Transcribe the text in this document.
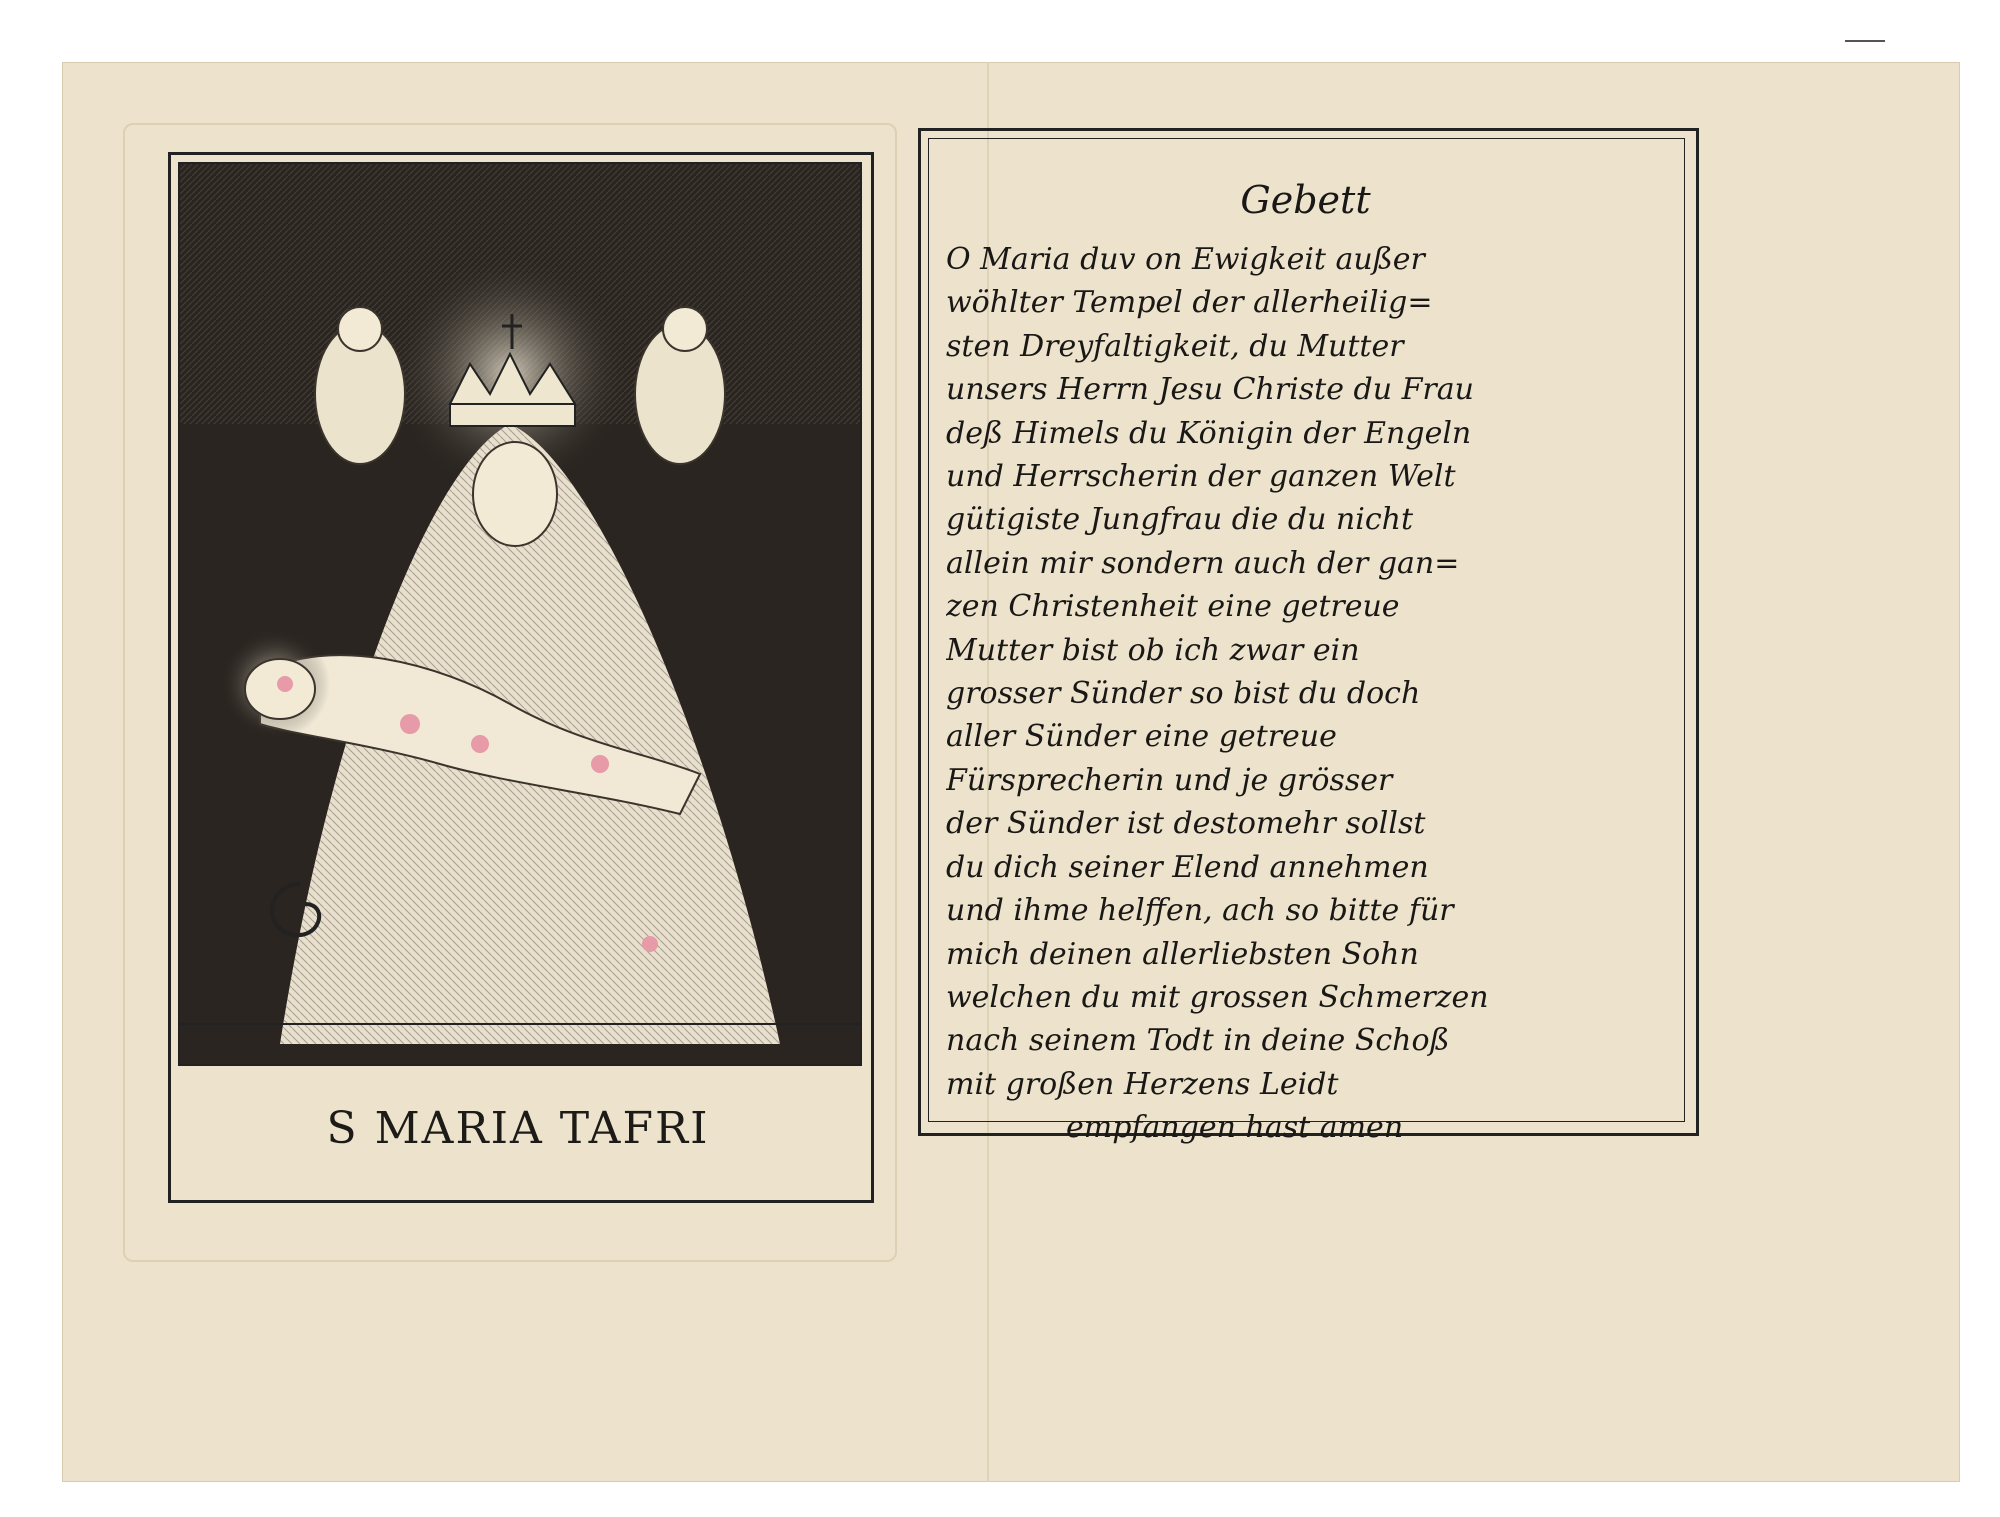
S MARIA TAFRI
Gebett
O Maria duv on Ewigkeit außer
wöhlter Tempel der allerheilig=
sten Dreyfaltigkeit, du Mutter
unsers Herrn Jesu Christe du Frau
deß Himels du Königin der Engeln
und Herrscherin der ganzen Welt
gütigiste Jungfrau die du nicht
allein mir sondern auch der gan=
zen Christenheit eine getreue
Mutter bist ob ich zwar ein
grosser Sünder so bist du doch
aller Sünder eine getreue
Fürsprecherin und je grösser
der Sünder ist destomehr sollst
du dich seiner Elend annehmen
und ihme helffen, ach so bitte für
mich deinen allerliebsten Sohn
welchen du mit grossen Schmerzen
nach seinem Todt in deine Schoß
mit großen Herzens Leidt
empfangen hast amen
